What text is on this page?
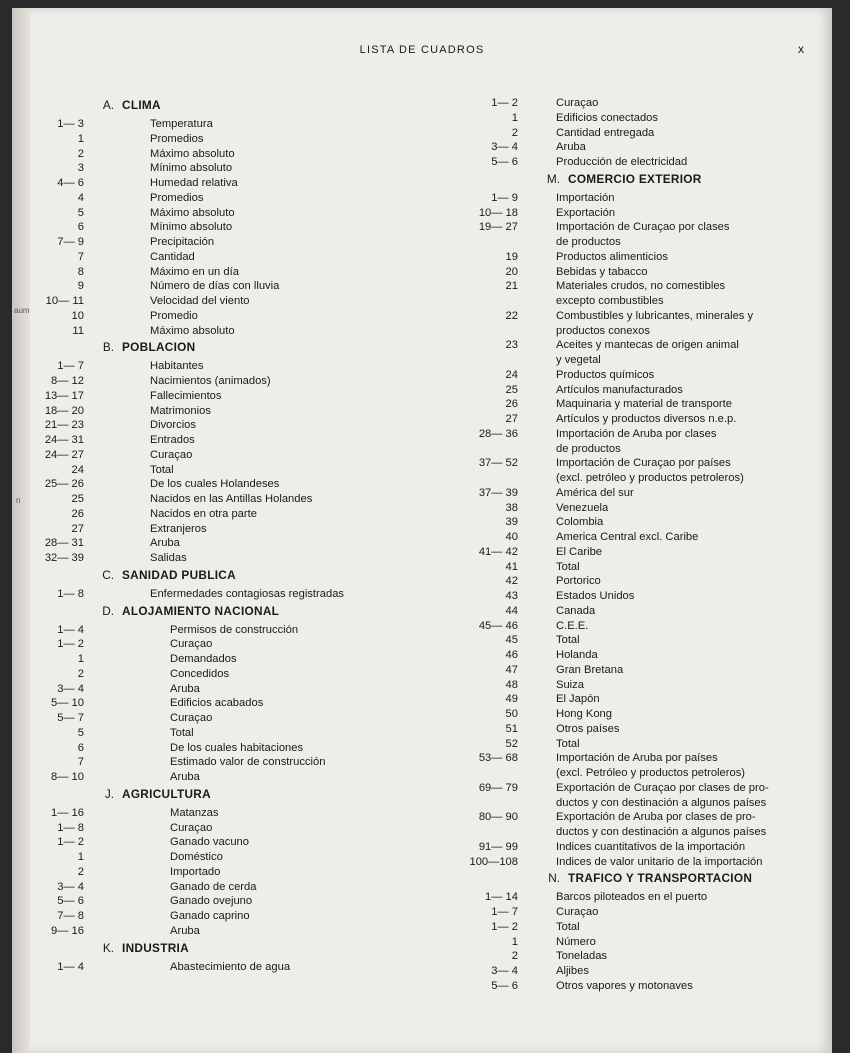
aum
n
LISTA DE CUADROS	x
A. CLIMA
1— 3	Temperatura
1	Promedios
2	Máximo absoluto
3	Mínimo absoluto
4— 6	Humedad relativa
4	Promedios
5	Máximo absoluto
6	Mínimo absoluto
7— 9	Precipitación
7	Cantidad
8	Máximo en un día
9	Número de días con lluvia
10— 11	Velocidad del viento
10	Promedio
11	Máximo absoluto
B. POBLACION
1— 7	Habitantes
8— 12	Nacimientos (animados)
13— 17	Fallecimientos
18— 20	Matrimonios
21— 23	Divorcios
24— 31	Entrados
24— 27	Curaçao
24	Total
25— 26	De los cuales Holandeses
25	Nacidos en las Antillas Holandes
26	Nacidos en otra parte
27	Extranjeros
28— 31	Aruba
32— 39	Salidas
C. SANIDAD PUBLICA
1— 8	Enfermedades contagiosas registradas
D. ALOJAMIENTO NACIONAL
1— 4	Permisos de construcción
1— 2	Curaçao
1	Demandados
2	Concedidos
3— 4	Aruba
5— 10	Edificios acabados
5— 7	Curaçao
5	Total
6	De los cuales habitaciones
7	Estimado valor de construcción
8— 10	Aruba
J. AGRICULTURA
1— 16	Matanzas
1— 8	Curaçao
1— 2	Ganado vacuno
1	Doméstico
2	Importado
3— 4	Ganado de cerda
5— 6	Ganado ovejuno
7— 8	Ganado caprino
9— 16	Aruba
K. INDUSTRIA
1— 4	Abastecimiento de agua
1— 2	Curaçao
1	Edificios conectados
2	Cantidad entregada
3— 4	Aruba
5— 6	Producción de electricidad
M. COMERCIO EXTERIOR
1— 9	Importación
10— 18	Exportación
19— 27	Importación de Curaçao por clases
de productos
19	Productos alimenticios
20	Bebidas y tabacco
21	Materiales crudos, no comestibles
excepto combustibles
22	Combustibles y lubricantes, minerales y
productos conexos
23	Aceites y mantecas de origen animal
y vegetal
24	Productos químicos
25	Artículos manufacturados
26	Maquinaria y material de transporte
27	Artículos y productos diversos n.e.p.
28— 36	Importación de Aruba por clases
de productos
37— 52	Importación de Curaçao por países
(excl. petróleo y productos petroleros)
37— 39	América del sur
38	Venezuela
39	Colombia
40	America Central excl. Caribe
41— 42	El Caribe
41	Total
42	Portorico
43	Estados Unidos
44	Canada
45— 46	C.E.E.
45	Total
46	Holanda
47	Gran Bretana
48	Suiza
49	El Japón
50	Hong Kong
51	Otros países
52	Total
53— 68	Importación de Aruba por países
(excl. Petróleo y productos petroleros)
69— 79	Exportación de Curaçao por clases de pro-
ductos y con destinación a algunos países
80— 90	Exportación de Aruba por clases de pro-
ductos y con destinación a algunos países
91— 99	Indices cuantitativos de la importación
100—108	Indices de valor unitario de la importación
N. TRAFICO Y TRANSPORTACION
1— 14	Barcos piloteados en el puerto
1— 7	Curaçao
1— 2	Total
1	Número
2	Toneladas
3— 4	Aljibes
5— 6	Otros vapores y motonaves
